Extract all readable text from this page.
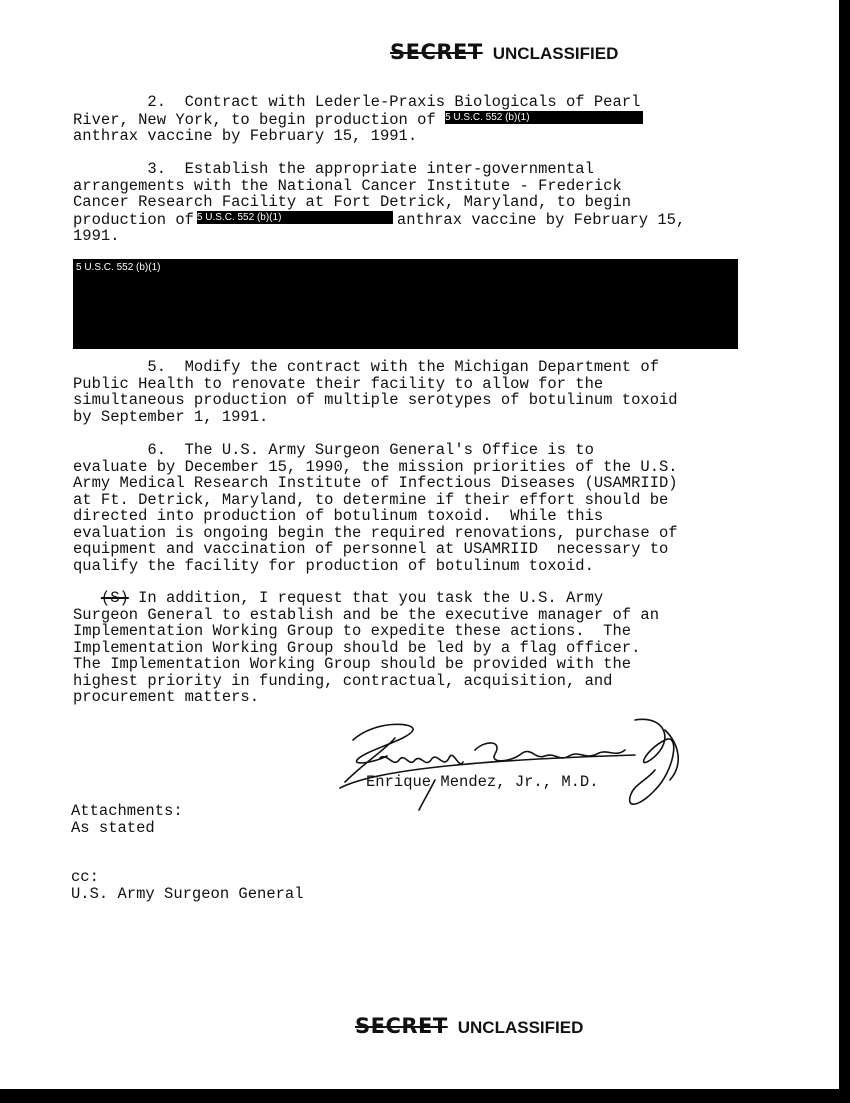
SECRET UNCLASSIFIED
2.  Contract with Lederle-Praxis Biologicals of Pearl
River, New York, to begin production of 5 U.S.C. 552 (b)(1)
anthrax vaccine by February 15, 1991.
3.  Establish the appropriate inter-governmental
arrangements with the National Cancer Institute - Frederick
Cancer Research Facility at Fort Detrick, Maryland, to begin
production of 5 U.S.C. 552 (b)(1)	anthrax vaccine by February 15,
1991.
5 U.S.C. 552 (b)(1)
5.  Modify the contract with the Michigan Department of
Public Health to renovate their facility to allow for the
simultaneous production of multiple serotypes of botulinum toxoid
by September 1, 1991.
6.  The U.S. Army Surgeon General's Office is to
evaluate by December 15, 1990, the mission priorities of the U.S.
Army Medical Research Institute of Infectious Diseases (USAMRIID)
at Ft. Detrick, Maryland, to determine if their effort should be
directed into production of botulinum toxoid.  While this
evaluation is ongoing begin the required renovations, purchase of
equipment and vaccination of personnel at USAMRIID  necessary to
qualify the facility for production of botulinum toxoid.
(S) In addition, I request that you task the U.S. Army
Surgeon General to establish and be the executive manager of an
Implementation Working Group to expedite these actions.  The
Implementation Working Group should be led by a flag officer.
The Implementation Working Group should be provided with the
highest priority in funding, contractual, acquisition, and
procurement matters.
Enrique Mendez, Jr., M.D.
Attachments:
As stated
cc:
U.S. Army Surgeon General
SECRET UNCLASSIFIED
